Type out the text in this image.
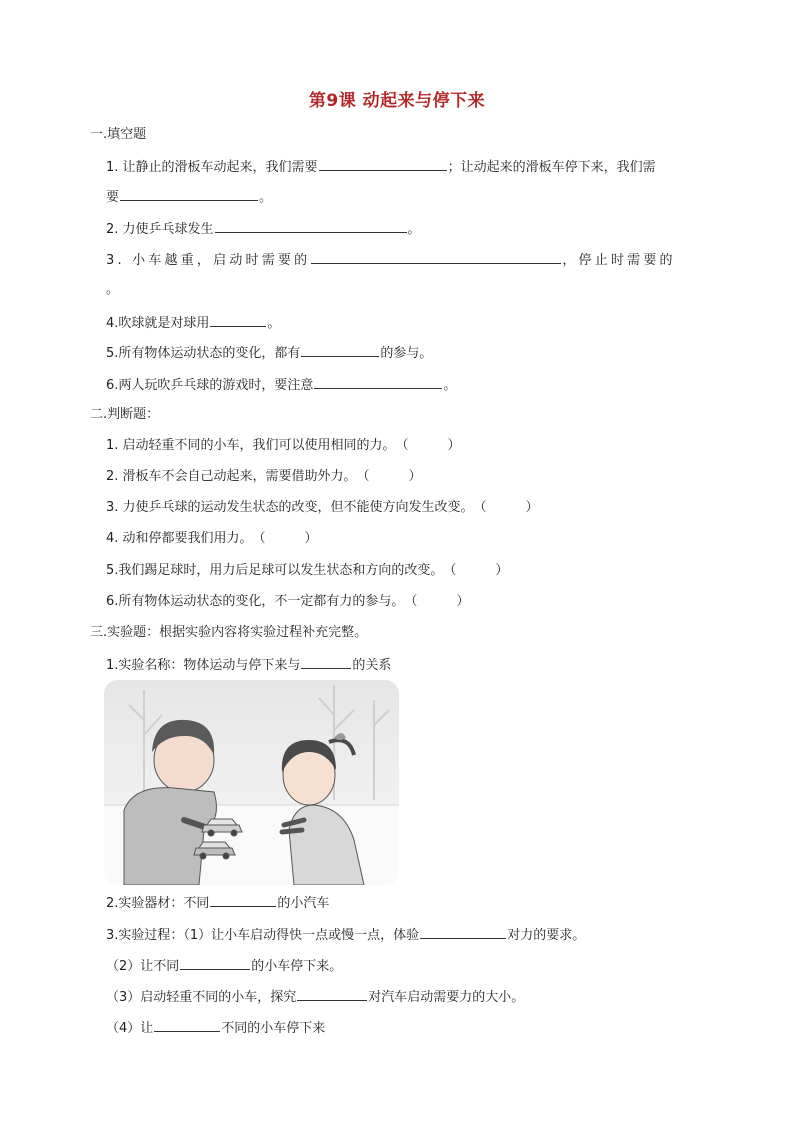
第9课 动起来与停下来
一.填空题
1. 让静止的滑板车动起来，我们需要	；让动起来的滑板车停下来，我们需
要	。
2. 力使乒乓球发生	。
3. 小车越重，启动时需要的	，停止时需要的
。
4.吹球就是对球用	。
5.所有物体运动状态的变化，都有	的参与。
6.两人玩吹乒乓球的游戏时，要注意	。
二.判断题：
1. 启动轻重不同的小车，我们可以使用相同的力。（　　　）
2. 滑板车不会自己动起来，需要借助外力。（　　　）
3. 力使乒乓球的运动发生状态的改变，但不能使方向发生改变。（　　　）
4. 动和停都要我们用力。（　　　）
5.我们踢足球时，用力后足球可以发生状态和方向的改变。（　　　）
6.所有物体运动状态的变化，不一定都有力的参与。（　　　）
三.实验题：根据实验内容将实验过程补充完整。
1.实验名称：物体运动与停下来与	的关系
2.实验器材：不同	的小汽车
3.实验过程：（1）让小车启动得快一点或慢一点，体验	对力的要求。
（2）让不同	的小车停下来。
（3）启动轻重不同的小车，探究	对汽车启动需要力的大小。
（4）让	不同的小车停下来
